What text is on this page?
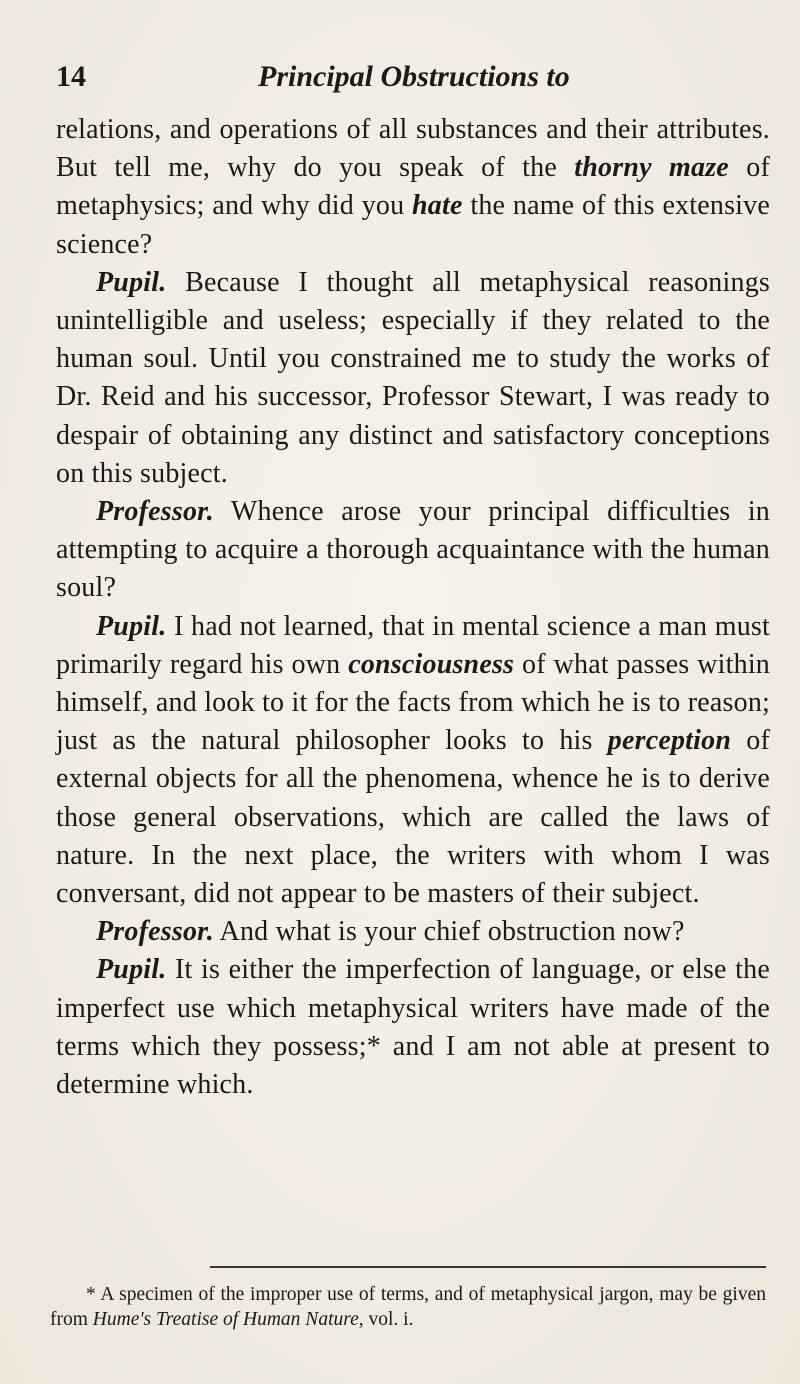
14	Principal Obstructions to

relations, and operations of all substances and their attributes. But tell me, why do you speak of the thorny maze of metaphysics; and why did you hate the name of this extensive science?

Pupil. Because I thought all metaphysical reasonings unintelligible and useless; especially if they related to the human soul. Until you constrained me to study the works of Dr. Reid and his successor, Professor Stewart, I was ready to despair of obtaining any distinct and satisfactory conceptions on this subject.

Professor. Whence arose your principal difficulties in attempting to acquire a thorough acquaintance with the human soul?

Pupil. I had not learned, that in mental science a man must primarily regard his own consciousness of what passes within himself, and look to it for the facts from which he is to reason; just as the natural philosopher looks to his perception of external objects for all the phenomena, whence he is to derive those general observations, which are called the laws of nature. In the next place, the writers with whom I was conversant, did not appear to be masters of their subject.

Professor. And what is your chief obstruction now?

Pupil. It is either the imperfection of language, or else the imperfect use which metaphysical writers have made of the terms which they possess;* and I am not able at present to determine which.

* A specimen of the improper use of terms, and of metaphysical jargon, may be given from Hume's Treatise of Human Nature, vol. i.
